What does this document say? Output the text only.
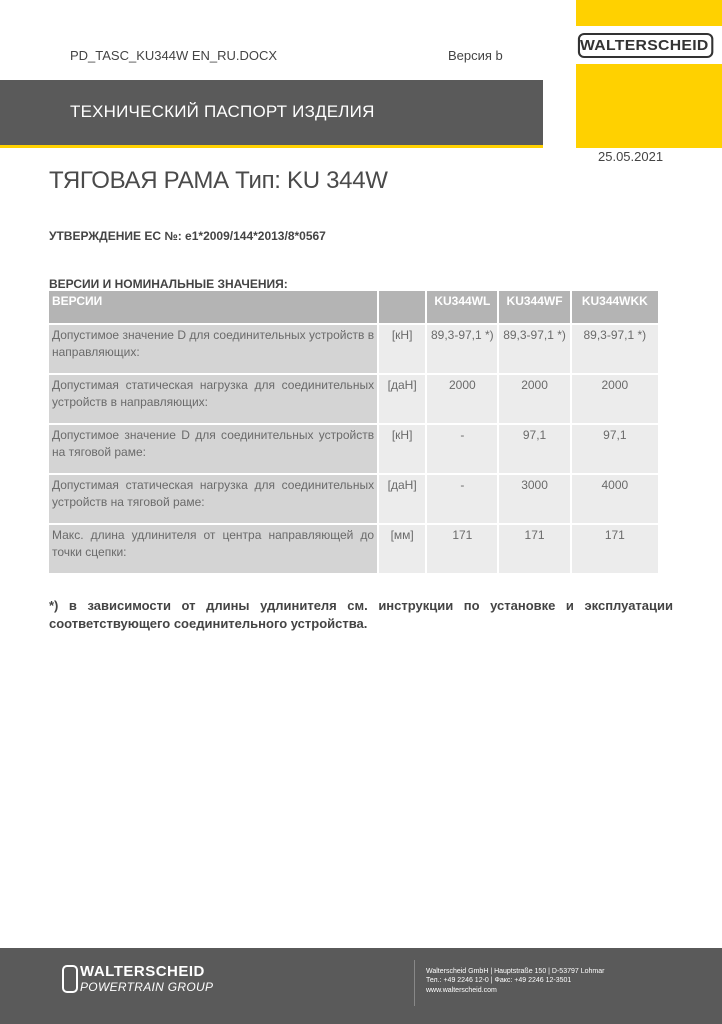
WALTERSCHEID
PD_TASC_KU344W EN_RU.DOCX	Версия b
ТЕХНИЧЕСКИЙ ПАСПОРТ ИЗДЕЛИЯ
25.05.2021
ТЯГОВАЯ РАМА Тип: KU 344W
УТВЕРЖДЕНИЕ ЕС №: e1*2009/144*2013/8*0567
ВЕРСИИ И НОМИНАЛЬНЫЕ ЗНАЧЕНИЯ:
ВЕРСИИ		KU344WL	KU344WF	KU344WKK
Допустимое значение D для соединительных устройств в направляющих:	[кН]	89,3-97,1 *)	89,3-97,1 *)	89,3-97,1 *)
Допустимая статическая нагрузка для соединительных устройств в направляющих:	[даН]	2000	2000	2000
Допустимое значение D для соединительных устройств на тяговой раме:	[кН]	-	97,1	97,1
Допустимая статическая нагрузка для соединительных устройств на тяговой раме:	[даН]	-	3000	4000
Макс. длина удлинителя от центра направляющей до точки сцепки:	[мм]	171	171	171
*) в зависимости от длины удлинителя см. инструкции по установке и эксплуатации соответствующего соединительного устройства.
WALTERSCHEID
POWERTRAIN GROUP
Walterscheid GmbH | Hauptstraße 150 | D-53797 Lohmar
Тел.: +49 2246 12-0 | Факс: +49 2246 12-3501
www.walterscheid.com
